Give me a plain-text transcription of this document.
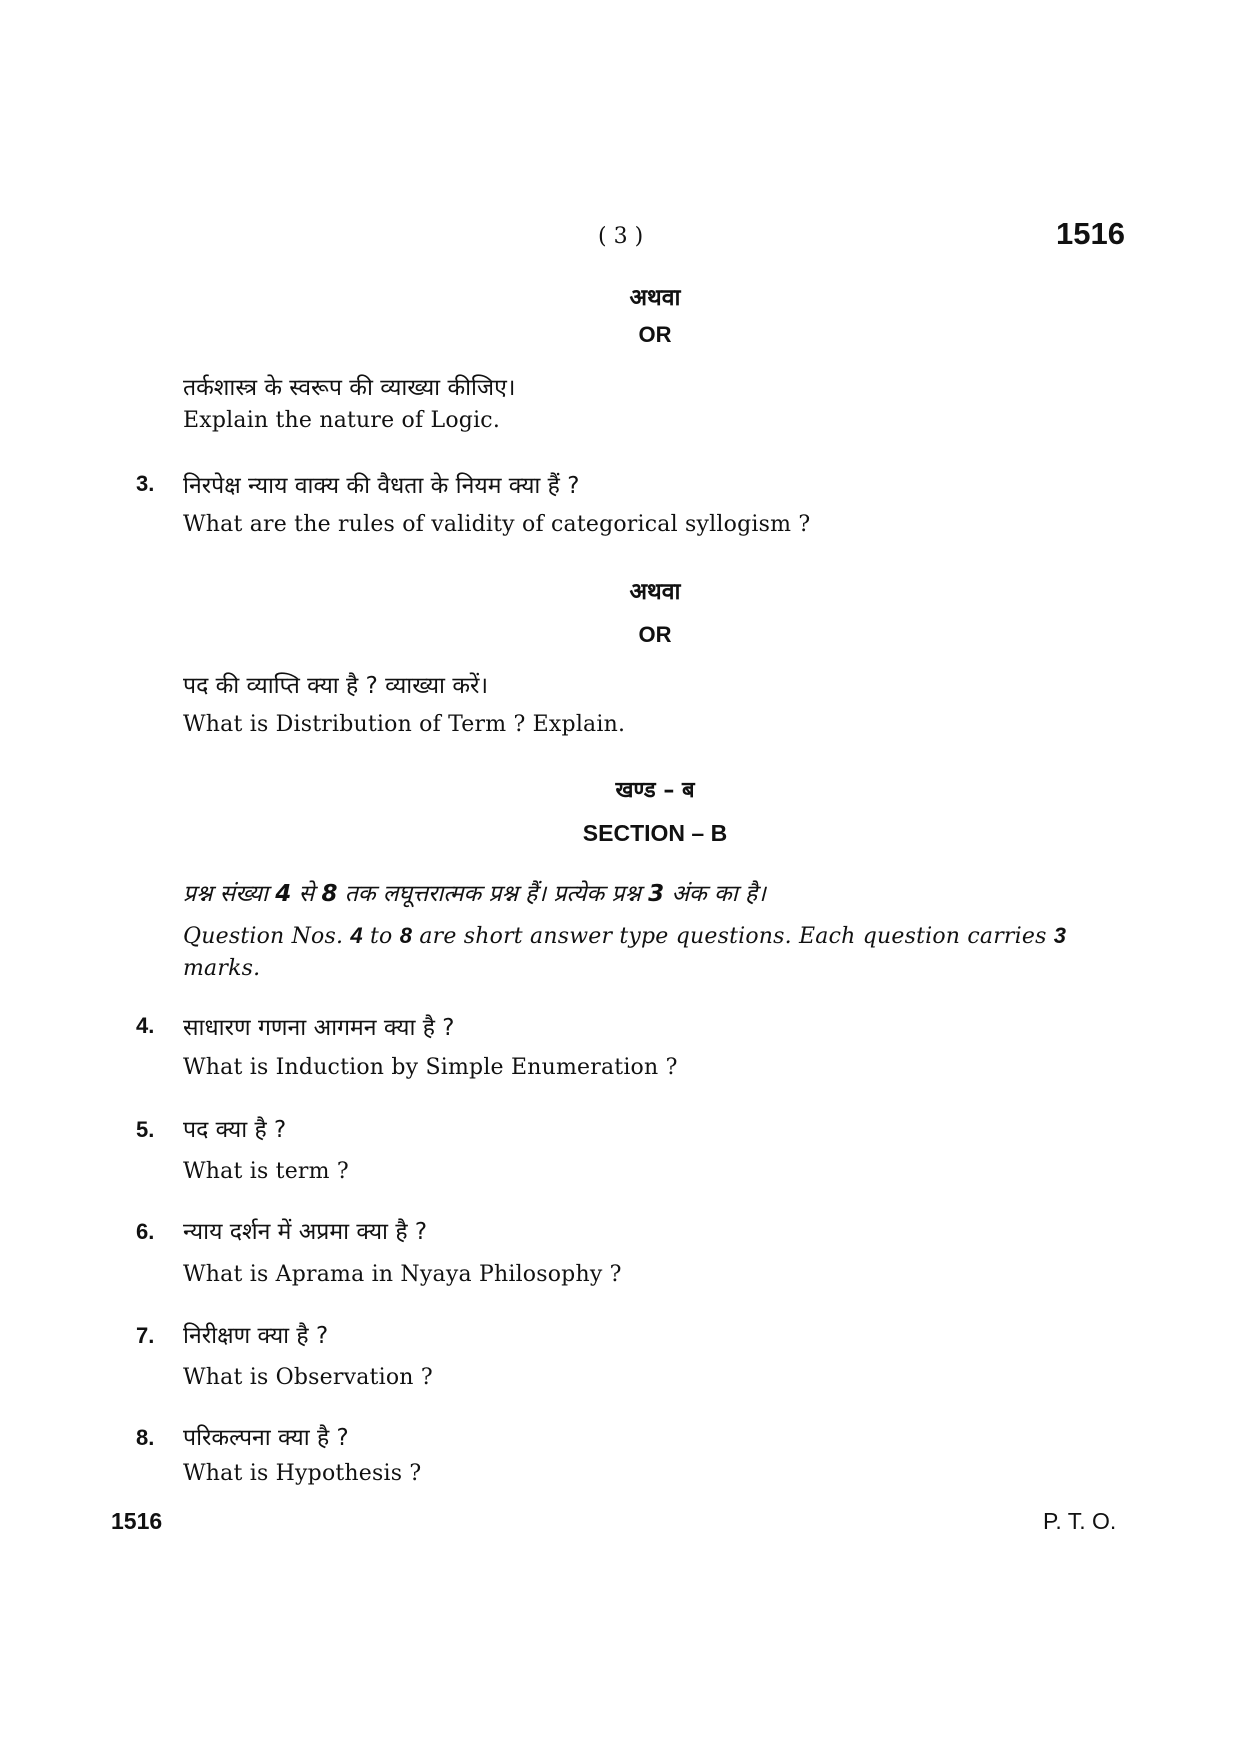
( 3 )	1516
अथवा
OR
तर्कशास्त्र के स्वरूप की व्याख्या कीजिए।
Explain the nature of Logic.
3. निरपेक्ष न्याय वाक्य की वैधता के नियम क्या हैं ?
What are the rules of validity of categorical syllogism ?
अथवा
OR
पद की व्याप्ति क्या है ? व्याख्या करें।
What is Distribution of Term ? Explain.
खण्ड – ब
SECTION – B
प्रश्न संख्या 4 से 8 तक लघूत्तरात्मक प्रश्न हैं। प्रत्येक प्रश्न 3 अंक का है।
Question Nos. 4 to 8 are short answer type questions. Each question carries 3
marks.
4. साधारण गणना आगमन क्या है ?
What is Induction by Simple Enumeration ?
5. पद क्या है ?
What is term ?
6. न्याय दर्शन में अप्रमा क्या है ?
What is Aprama in Nyaya Philosophy ?
7. निरीक्षण क्या है ?
What is Observation ?
8. परिकल्पना क्या है ?
What is Hypothesis ?
1516	P. T. O.
